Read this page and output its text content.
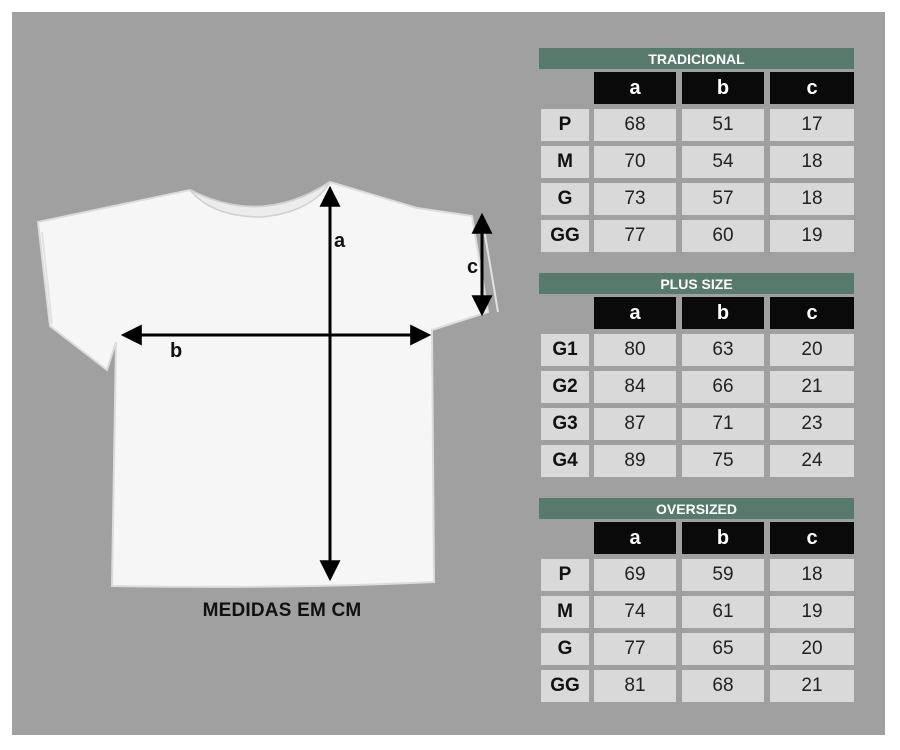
a
b
c
MEDIDAS EM CM
TRADICIONAL
a	b	c
P	68	51	17
M	70	54	18
G	73	57	18
GG	77	60	19
PLUS SIZE
a	b	c
G1	80	63	20
G2	84	66	21
G3	87	71	23
G4	89	75	24
OVERSIZED
a	b	c
P	69	59	18
M	74	61	19
G	77	65	20
GG	81	68	21
